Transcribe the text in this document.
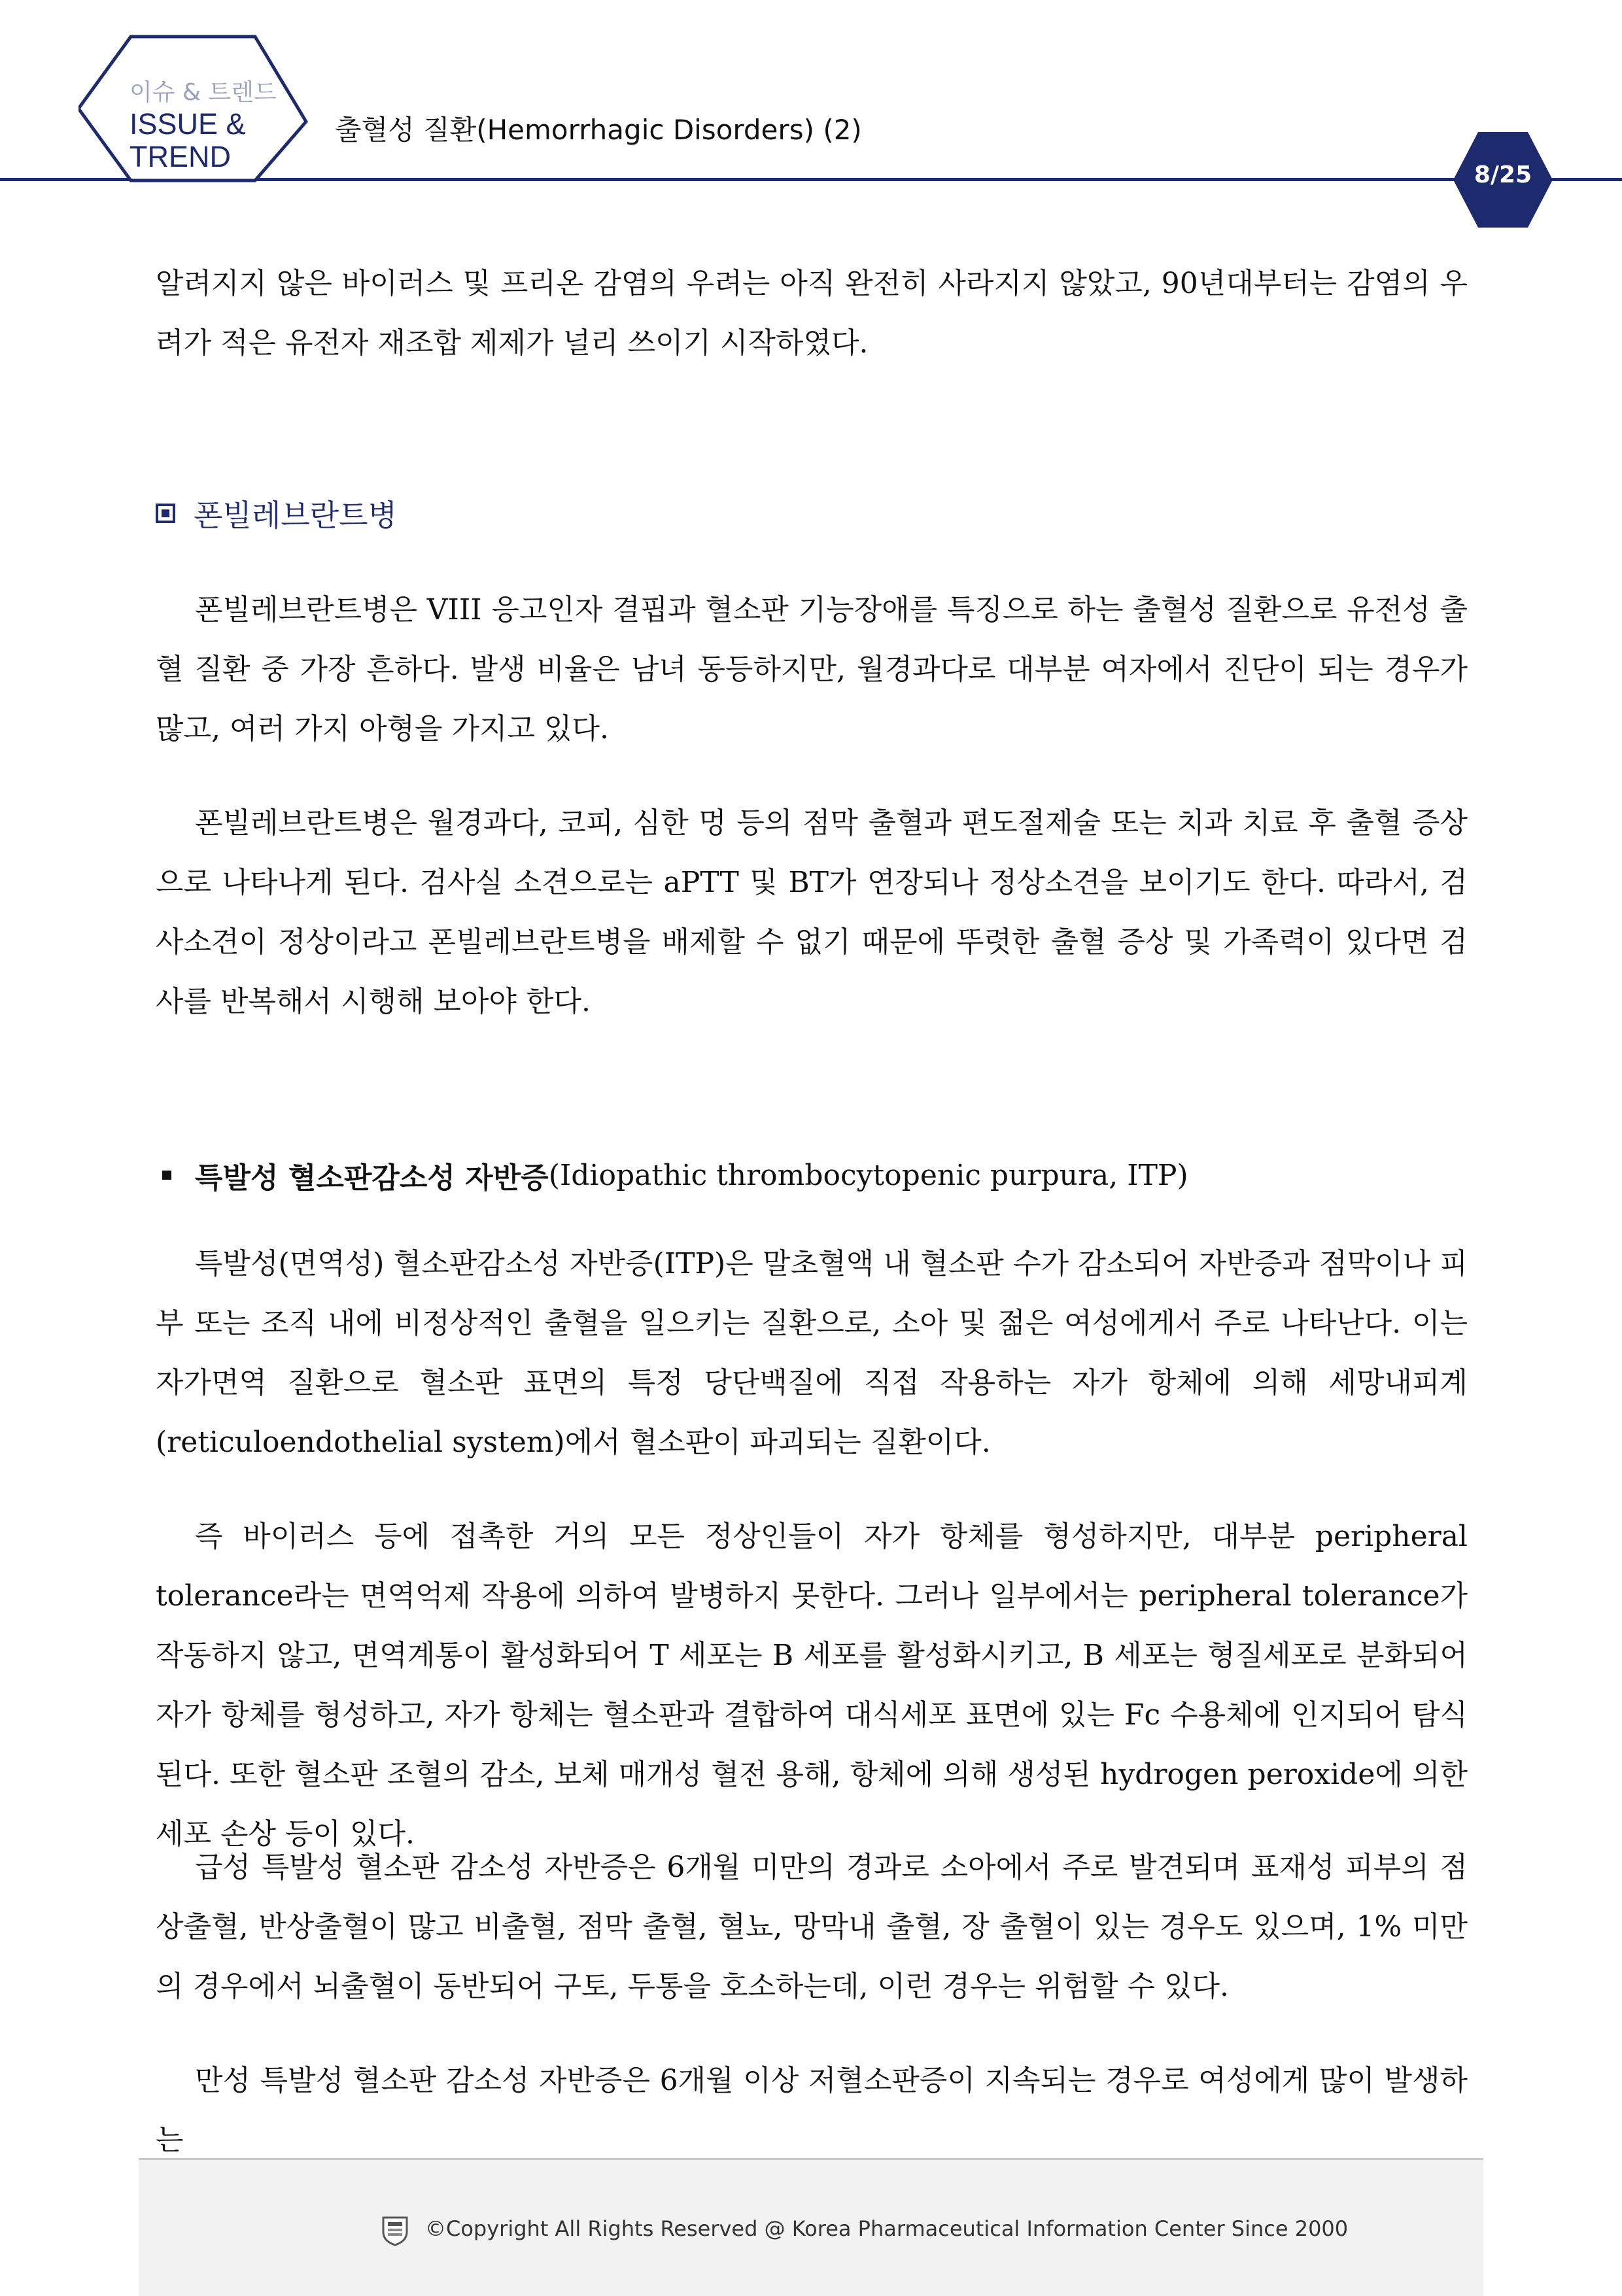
이슈 & 트렌드
ISSUE &
TREND
출혈성 질환(Hemorrhagic Disorders) (2)
8/25
알려지지 않은 바이러스 및 프리온 감염의 우려는 아직 완전히 사라지지 않았고, 90년대부터는 감염의 우려가 적은 유전자 재조합 제제가 널리 쓰이기 시작하였다.
폰빌레브란트병
폰빌레브란트병은 VIII 응고인자 결핍과 혈소판 기능장애를 특징으로 하는 출혈성 질환으로 유전성 출혈 질환 중 가장 흔하다. 발생 비율은 남녀 동등하지만, 월경과다로 대부분 여자에서 진단이 되는 경우가 많고, 여러 가지 아형을 가지고 있다.
폰빌레브란트병은 월경과다, 코피, 심한 멍 등의 점막 출혈과 편도절제술 또는 치과 치료 후 출혈 증상으로 나타나게 된다. 검사실 소견으로는 aPTT 및 BT가 연장되나 정상소견을 보이기도 한다. 따라서, 검사소견이 정상이라고 폰빌레브란트병을 배제할 수 없기 때문에 뚜렷한 출혈 증상 및 가족력이 있다면 검사를 반복해서 시행해 보아야 한다.
특발성 혈소판감소성 자반증 (Idiopathic thrombocytopenic purpura, ITP)
특발성(면역성) 혈소판감소성 자반증(ITP)은 말초혈액 내 혈소판 수가 감소되어 자반증과 점막이나 피부 또는 조직 내에 비정상적인 출혈을 일으키는 질환으로, 소아 및 젊은 여성에게서 주로 나타난다. 이는 자가면역 질환으로 혈소판 표면의 특정 당단백질에 직접 작용하는 자가 항체에 의해 세망내피계(reticuloendothelial system)에서 혈소판이 파괴되는 질환이다.
즉 바이러스 등에 접촉한 거의 모든 정상인들이 자가 항체를 형성하지만, 대부분 peripheral tolerance라는 면역억제 작용에 의하여 발병하지 못한다. 그러나 일부에서는 peripheral tolerance가 작동하지 않고, 면역계통이 활성화되어 T 세포는 B 세포를 활성화시키고, B 세포는 형질세포로 분화되어 자가 항체를 형성하고, 자가 항체는 혈소판과 결합하여 대식세포 표면에 있는 Fc 수용체에 인지되어 탐식 된다. 또한 혈소판 조혈의 감소, 보체 매개성 혈전 용해, 항체에 의해 생성된 hydrogen peroxide에 의한 세포 손상 등이 있다.
급성 특발성 혈소판 감소성 자반증은 6개월 미만의 경과로 소아에서 주로 발견되며 표재성 피부의 점상출혈, 반상출혈이 많고 비출혈, 점막 출혈, 혈뇨, 망막내 출혈, 장 출혈이 있는 경우도 있으며, 1% 미만의 경우에서 뇌출혈이 동반되어 구토, 두통을 호소하는데, 이런 경우는 위험할 수 있다.
만성 특발성 혈소판 감소성 자반증은 6개월 이상 저혈소판증이 지속되는 경우로 여성에게 많이 발생하는
©Copyright All Rights Reserved @ Korea Pharmaceutical Information Center Since 2000
